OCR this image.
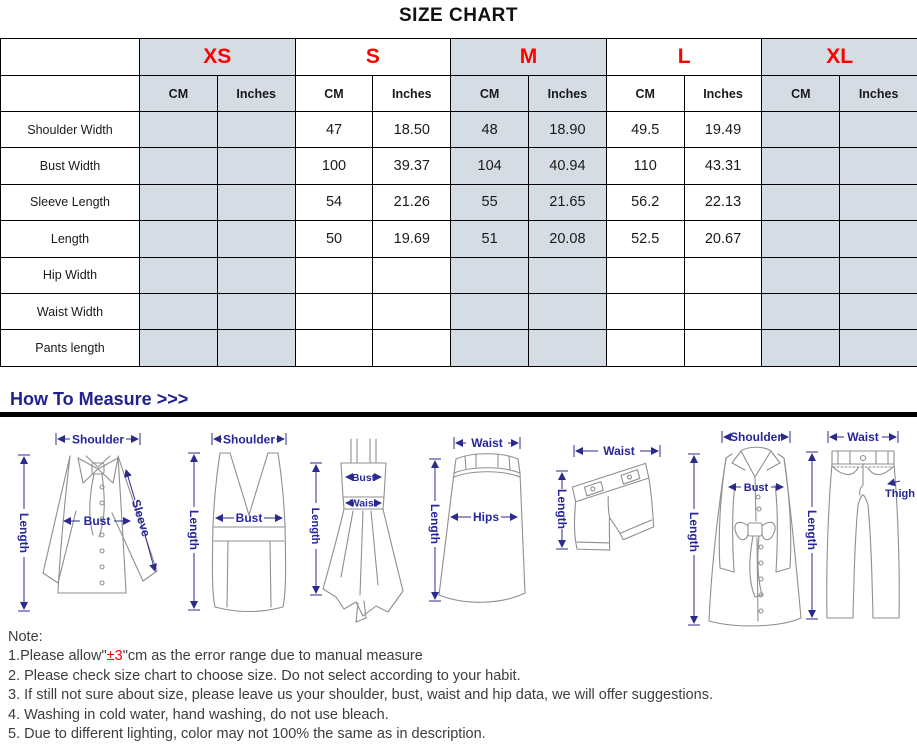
SIZE CHART
	XS		S		M		L		XL	
	CM	Inches	CM	Inches	CM	Inches	CM	Inches	CM	Inches
Shoulder Width			47	18.50	48	18.90	49.5	19.49		
Bust Width			100	39.37	104	40.94	110	43.31		
Sleeve Length			54	21.26	55	21.65	56.2	22.13		
Length			50	19.69	51	20.08	52.5	20.67		
Hip Width										
Waist Width										
Pants length										
How To Measure >>>
Shoulder
Length	Bust Sleeve
Shoulder
Length	Bust
Bust
Waist
Length
Waist
Hips
Length
Waist
Length
Shoulder
Bust
Length
Waist
Thigh
Length
Note:
1.Please allow"±3"cm as the error range due to manual measure
2. Please check size chart to choose size. Do not select according to your habit.
3. If still not sure about size, please leave us your shoulder, bust, waist and hip data, we will offer suggestions.
4. Washing in cold water, hand washing, do not use bleach.
5. Due to different lighting, color may not 100% the same as in description.
